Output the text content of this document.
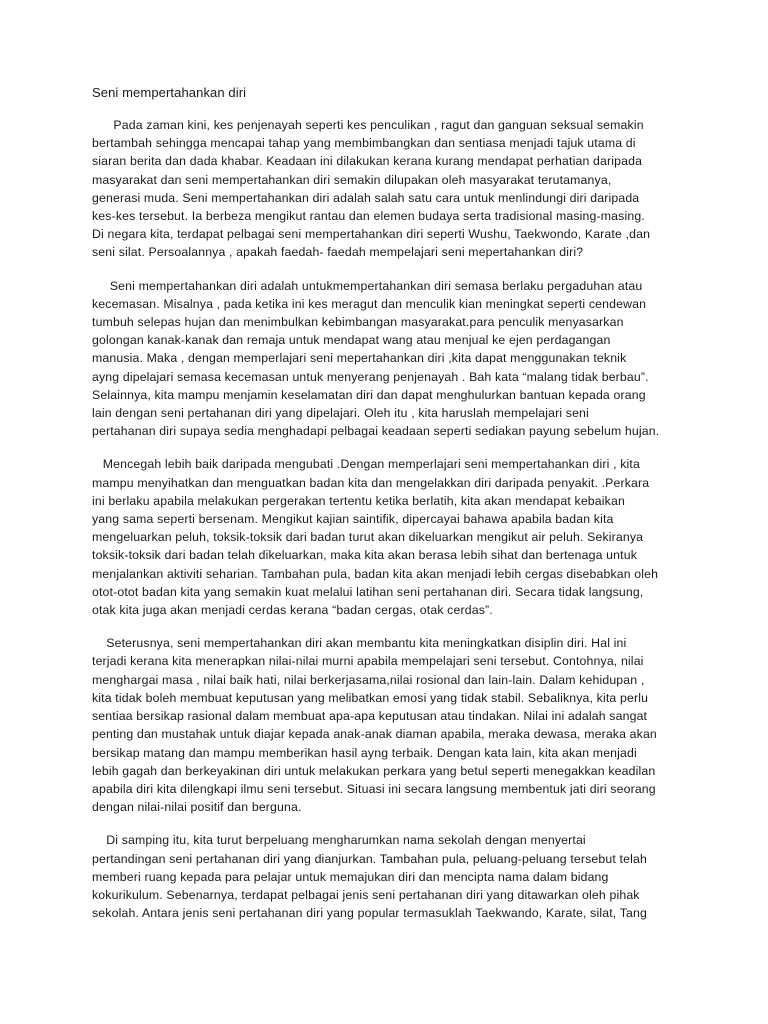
Seni mempertahankan diri
Pada zaman kini, kes penjenayah seperti kes penculikan , ragut dan ganguan seksual semakin
bertambah sehingga mencapai tahap yang membimbangkan dan sentiasa menjadi tajuk utama di
siaran berita dan dada khabar. Keadaan ini dilakukan kerana kurang mendapat perhatian daripada
masyarakat dan seni mempertahankan diri semakin dilupakan oleh masyarakat terutamanya,
generasi muda. Seni mempertahankan diri adalah salah satu cara untuk menlindungi diri daripada
kes-kes tersebut. Ia berbeza mengikut rantau dan elemen budaya serta tradisional masing-masing.
Di negara kita, terdapat pelbagai seni mempertahankan diri seperti Wushu, Taekwondo, Karate ,dan
seni silat. Persoalannya , apakah faedah- faedah mempelajari seni mepertahankan diri?
Seni mempertahankan diri adalah untukmempertahankan diri semasa berlaku pergaduhan atau
kecemasan. Misalnya , pada ketika ini kes meragut dan menculik kian meningkat seperti cendewan
tumbuh selepas hujan dan menimbulkan kebimbangan masyarakat.para penculik menyasarkan
golongan kanak-kanak dan remaja untuk mendapat wang atau menjual ke ejen perdagangan
manusia. Maka , dengan memperlajari seni mepertahankan diri ,kita dapat menggunakan teknik
ayng dipelajari semasa kecemasan untuk menyerang penjenayah . Bah kata “malang tidak berbau”.
Selainnya, kita mampu menjamin keselamatan diri dan dapat menghulurkan bantuan kepada orang
lain dengan seni pertahanan diri yang dipelajari. Oleh itu , kita haruslah mempelajari seni
pertahanan diri supaya sedia menghadapi pelbagai keadaan seperti sediakan payung sebelum hujan.
Mencegah lebih baik daripada mengubati .Dengan memperlajari seni mempertahankan diri , kita
mampu menyihatkan dan menguatkan badan kita dan mengelakkan diri daripada penyakit. .Perkara
ini berlaku apabila melakukan pergerakan tertentu ketika berlatih, kita akan mendapat kebaikan
yang sama seperti bersenam. Mengikut kajian saintifik, dipercayai bahawa apabila badan kita
mengeluarkan peluh, toksik-toksik dari badan turut akan dikeluarkan mengikut air peluh. Sekiranya
toksik-toksik dari badan telah dikeluarkan, maka kita akan berasa lebih sihat dan bertenaga untuk
menjalankan aktiviti seharian. Tambahan pula, badan kita akan menjadi lebih cergas disebabkan oleh
otot-otot badan kita yang semakin kuat melalui latihan seni pertahanan diri. Secara tidak langsung,
otak kita juga akan menjadi cerdas kerana “badan cergas, otak cerdas”.
Seterusnya, seni mempertahankan diri akan membantu kita meningkatkan disiplin diri. Hal ini
terjadi kerana kita menerapkan nilai-nilai murni apabila mempelajari seni tersebut. Contohnya, nilai
menghargai masa , nilai baik hati, nilai berkerjasama,nilai rosional dan lain-lain. Dalam kehidupan ,
kita tidak boleh membuat keputusan yang melibatkan emosi yang tidak stabil. Sebaliknya, kita perlu
sentiaa bersikap rasional dalam membuat apa-apa keputusan atau tindakan. Nilai ini adalah sangat
penting dan mustahak untuk diajar kepada anak-anak diaman apabila, meraka dewasa, meraka akan
bersikap matang dan mampu memberikan hasil ayng terbaik. Dengan kata lain, kita akan menjadi
lebih gagah dan berkeyakinan diri untuk melakukan perkara yang betul seperti menegakkan keadilan
apabila diri kita dilengkapi ilmu seni tersebut. Situasi ini secara langsung membentuk jati diri seorang
dengan nilai-nilai positif dan berguna.
Di samping itu, kita turut berpeluang mengharumkan nama sekolah dengan menyertai
pertandingan seni pertahanan diri yang dianjurkan. Tambahan pula, peluang-peluang tersebut telah
memberi ruang kepada para pelajar untuk memajukan diri dan mencipta nama dalam bidang
kokurikulum. Sebenarnya, terdapat pelbagai jenis seni pertahanan diri yang ditawarkan oleh pihak
sekolah. Antara jenis seni pertahanan diri yang popular termasuklah Taekwando, Karate, silat, Tang
